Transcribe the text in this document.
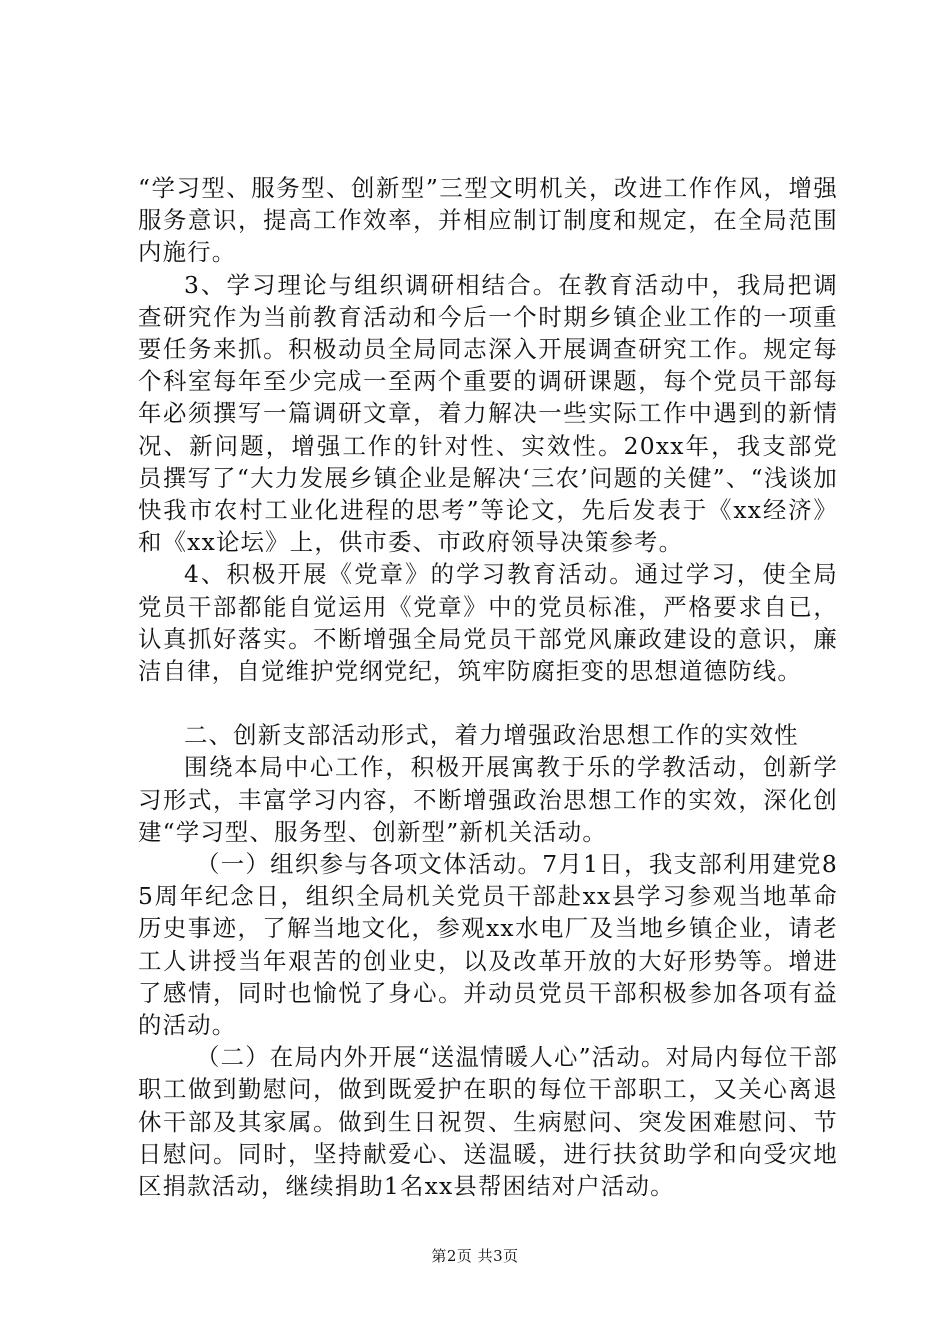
“学习型、服务型、创新型”三型文明机关，改进工作作风，增强服务意识，提高工作效率，并相应制订制度和规定，在全局范围内施行。

3、学习理论与组织调研相结合。在教育活动中，我局把调查研究作为当前教育活动和今后一个时期乡镇企业工作的一项重要任务来抓。积极动员全局同志深入开展调查研究工作。规定每个科室每年至少完成一至两个重要的调研课题，每个党员干部每年必须撰写一篇调研文章，着力解决一些实际工作中遇到的新情况、新问题，增强工作的针对性、实效性。20xx年，我支部党员撰写了“大力发展乡镇企业是解决‘三农’问题的关健”、“浅谈加快我市农村工业化进程的思考”等论文，先后发表于《xx经济》和《xx论坛》上，供市委、市政府领导决策参考。

4、积极开展《党章》的学习教育活动。通过学习，使全局党员干部都能自觉运用《党章》中的党员标准，严格要求自已，认真抓好落实。不断增强全局党员干部党风廉政建设的意识，廉洁自律，自觉维护党纲党纪，筑牢防腐拒变的思想道德防线。

二、创新支部活动形式，着力增强政治思想工作的实效性

围绕本局中心工作，积极开展寓教于乐的学教活动，创新学习形式，丰富学习内容，不断增强政治思想工作的实效，深化创建“学习型、服务型、创新型”新机关活动。

（一）组织参与各项文体活动。7月1日，我支部利用建党85周年纪念日，组织全局机关党员干部赴xx县学习参观当地革命历史事迹，了解当地文化，参观xx水电厂及当地乡镇企业，请老工人讲授当年艰苦的创业史，以及改革开放的大好形势等。增进了感情，同时也愉悦了身心。并动员党员干部积极参加各项有益的活动。

（二）在局内外开展“送温情暖人心”活动。对局内每位干部职工做到勤慰问，做到既爱护在职的每位干部职工，又关心离退休干部及其家属。做到生日祝贺、生病慰问、突发困难慰问、节日慰问。同时，坚持献爱心、送温暖，进行扶贫助学和向受灾地区捐款活动，继续捐助1名xx县帮困结对户活动。

第2页 共3页
